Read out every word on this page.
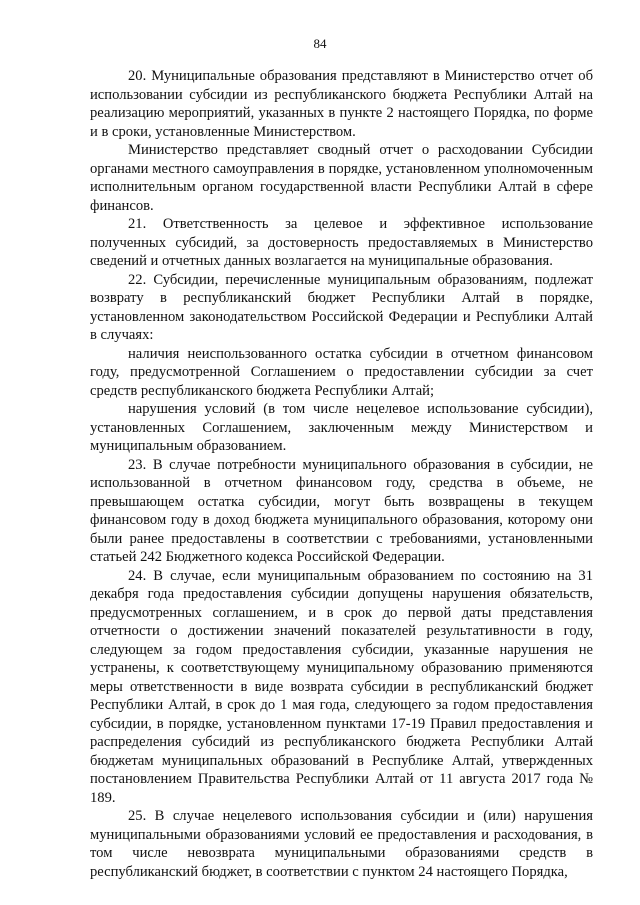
84

20. Муниципальные образования представляют в Министерство отчет об использовании субсидии из республиканского бюджета Республики Алтай на реализацию мероприятий, указанных в пункте 2 настоящего Порядка, по форме и в сроки, установленные Министерством.

Министерство представляет сводный отчет о расходовании Субсидии органами местного самоуправления в порядке, установленном уполномоченным исполнительным органом государственной власти Республики Алтай в сфере финансов.

21. Ответственность за целевое и эффективное использование полученных субсидий, за достоверность предоставляемых в Министерство сведений и отчетных данных возлагается на муниципальные образования.

22. Субсидии, перечисленные муниципальным образованиям, подлежат возврату в республиканский бюджет Республики Алтай в порядке, установленном законодательством Российской Федерации и Республики Алтай в случаях:

наличия неиспользованного остатка субсидии в отчетном финансовом году, предусмотренной Соглашением о предоставлении субсидии за счет средств республиканского бюджета Республики Алтай;

нарушения условий (в том числе нецелевое использование субсидии), установленных Соглашением, заключенным между Министерством и муниципальным образованием.

23. В случае потребности муниципального образования в субсидии, не использованной в отчетном финансовом году, средства в объеме, не превышающем остатка субсидии, могут быть возвращены в текущем финансовом году в доход бюджета муниципального образования, которому они были ранее предоставлены в соответствии с требованиями, установленными статьей 242 Бюджетного кодекса Российской Федерации.

24. В случае, если муниципальным образованием по состоянию на 31 декабря года предоставления субсидии допущены нарушения обязательств, предусмотренных соглашением, и в срок до первой даты представления отчетности о достижении значений показателей результативности в году, следующем за годом предоставления субсидии, указанные нарушения не устранены, к соответствующему муниципальному образованию применяются меры ответственности в виде возврата субсидии в республиканский бюджет Республики Алтай, в срок до 1 мая года, следующего за годом предоставления субсидии, в порядке, установленном пунктами 17-19 Правил предоставления и распределения субсидий из республиканского бюджета Республики Алтай бюджетам муниципальных образований в Республике Алтай, утвержденных постановлением Правительства Республики Алтай от 11 августа 2017 года № 189.

25. В случае нецелевого использования субсидии и (или) нарушения муниципальными образованиями условий ее предоставления и расходования, в том числе невозврата муниципальными образованиями средств в республиканский бюджет, в соответствии с пунктом 24 настоящего Порядка,
